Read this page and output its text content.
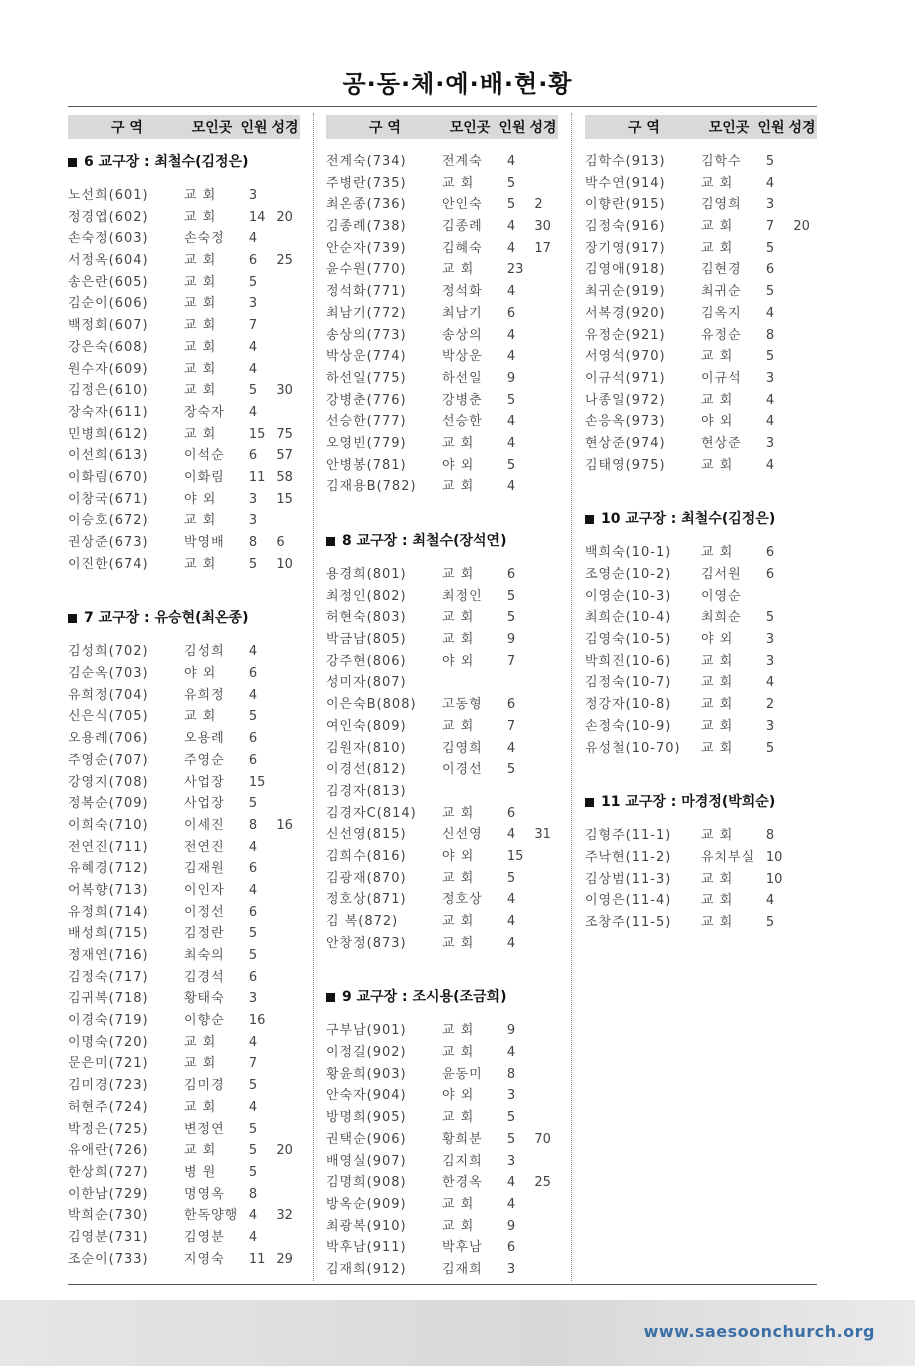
공·동·체·예·배·현·황
구 역	모인곳 인원 성경
6 교구장 : 최철수(김정은)
노선희(601)	교 회	3
정경엽(602)	교 회	14 20
손숙정(603)	손숙정	4
서정옥(604)	교 회	6	25
송은란(605)	교 회	5
김순이(606)	교 회	3
백정회(607)	교 회	7
강은숙(608)	교 회	4
원수자(609)	교 회	4
김정은(610)	교 회	5	30
장숙자(611)	장숙자	4
민병희(612)	교 회	15 75
이선희(613)	이석순	6	57
이화림(670)	이화림	11 58
이창국(671)	야 외	3	15
이승호(672)	교 회	3
권상준(673)	박영배	8	6
이진한(674)	교 회	5	10
7 교구장 : 유승현(최온종)
김성희(702)	김성희	4
김순옥(703)	야 외	6
유희정(704)	유희정	4
신은식(705)	교 회	5
오용례(706)	오용례	6
주영순(707)	주영순	6
강영지(708)	사업장	15
정복순(709)	사업장	5
이희숙(710)	이세진	8	16
전연진(711)	전연진	4
유혜경(712)	김재원	6
어복향(713)	이인자	4
유정희(714)	이정선	6
배성희(715)	김정란	5
정재연(716)	최숙의	5
김정숙(717)	김경석	6
김귀복(718)	황태숙	3
이경숙(719)	이향순	16
이명숙(720)	교 회	4
문은미(721)	교 회	7
김미경(723)	김미경	5
허현주(724)	교 회	4
박정은(725)	변정연	5
유애란(726)	교 회	5	20
한상희(727)	병 원	5
이한남(729)	명영옥	8
박희순(730)	한독양행 4	32
김영분(731)	김영분	4
조순이(733)	지영숙	11 29
구 역	모인곳 인원 성경
전계숙(734)	전계숙	4
주병란(735)	교 회	5
최온종(736)	안인숙	5	2
김종례(738)	김종례	4	30
안순자(739)	김혜숙	4	17
윤수원(770)	교 회	23
정석화(771)	정석화	4
최남기(772)	최남기	6
송상의(773)	송상의	4
박상운(774)	박상운	4
하선일(775)	하선일	9
강병춘(776)	강병춘	5
선승한(777)	선승한	4
오영빈(779)	교 회	4
안병봉(781)	야 외	5
김재용B(782)	교 회	4
8 교구장 : 최철수(장석연)
용경희(801)	교 회	6
최정인(802)	최정인	5
허현숙(803)	교 회	5
박금남(805)	교 회	9
강주현(806)	야 외	7
성미자(807)
이은숙B(808)	고동형	6
여인숙(809)	교 회	7
김원자(810)	김영희	4
이경선(812)	이경선	5
김경자(813)
김경자C(814)	교 회	6
신선영(815)	신선영	4	31
김희수(816)	야 외	15
김광재(870)	교 회	5
정호상(871)	정호상	4
김 복(872)	교 회	4
안창정(873)	교 회	4
9 교구장 : 조시용(조금희)
구부남(901)	교 회	9
이정길(902)	교 회	4
황윤희(903)	윤동미	8
안숙자(904)	야 외	3
방명희(905)	교 회	5
권택순(906)	황희분	5	70
배영실(907)	김지희	3
김명희(908)	한경옥	4	25
방옥순(909)	교 회	4
최광복(910)	교 회	9
박후남(911)	박후남	6
김재희(912)	김재희	3
구 역	모인곳 인원 성경
김학수(913)	김학수	5
박수연(914)	교 회	4
이향란(915)	김영희	3
김정숙(916)	교 회	7	20
장기영(917)	교 회	5
김영애(918)	김현경	6
최귀순(919)	최귀순	5
서복경(920)	김옥지	4
유정순(921)	유정순	8
서영석(970)	교 회	5
이규석(971)	이규석	3
나종일(972)	교 회	4
손응옥(973)	야 외	4
현상준(974)	현상준	3
김태영(975)	교 회	4
10 교구장 : 최철수(김정은)
백희숙(10-1)	교 회	6
조영순(10-2)	김서원	6
이영순(10-3)	이영순
최희순(10-4)	최희순	5
김영숙(10-5)	야 외	3
박희진(10-6)	교 회	3
김정숙(10-7)	교 회	4
정강자(10-8)	교 회	2
손정숙(10-9)	교 회	3
유성철(10-70)	교 회	5
11 교구장 : 마경정(박희순)
김형주(11-1)	교 회	8
주낙현(11-2)	유치부실 10
김상범(11-3)	교 회	10
이영은(11-4)	교 회	4
조창주(11-5)	교 회	5
www.saesoonchurch.org
